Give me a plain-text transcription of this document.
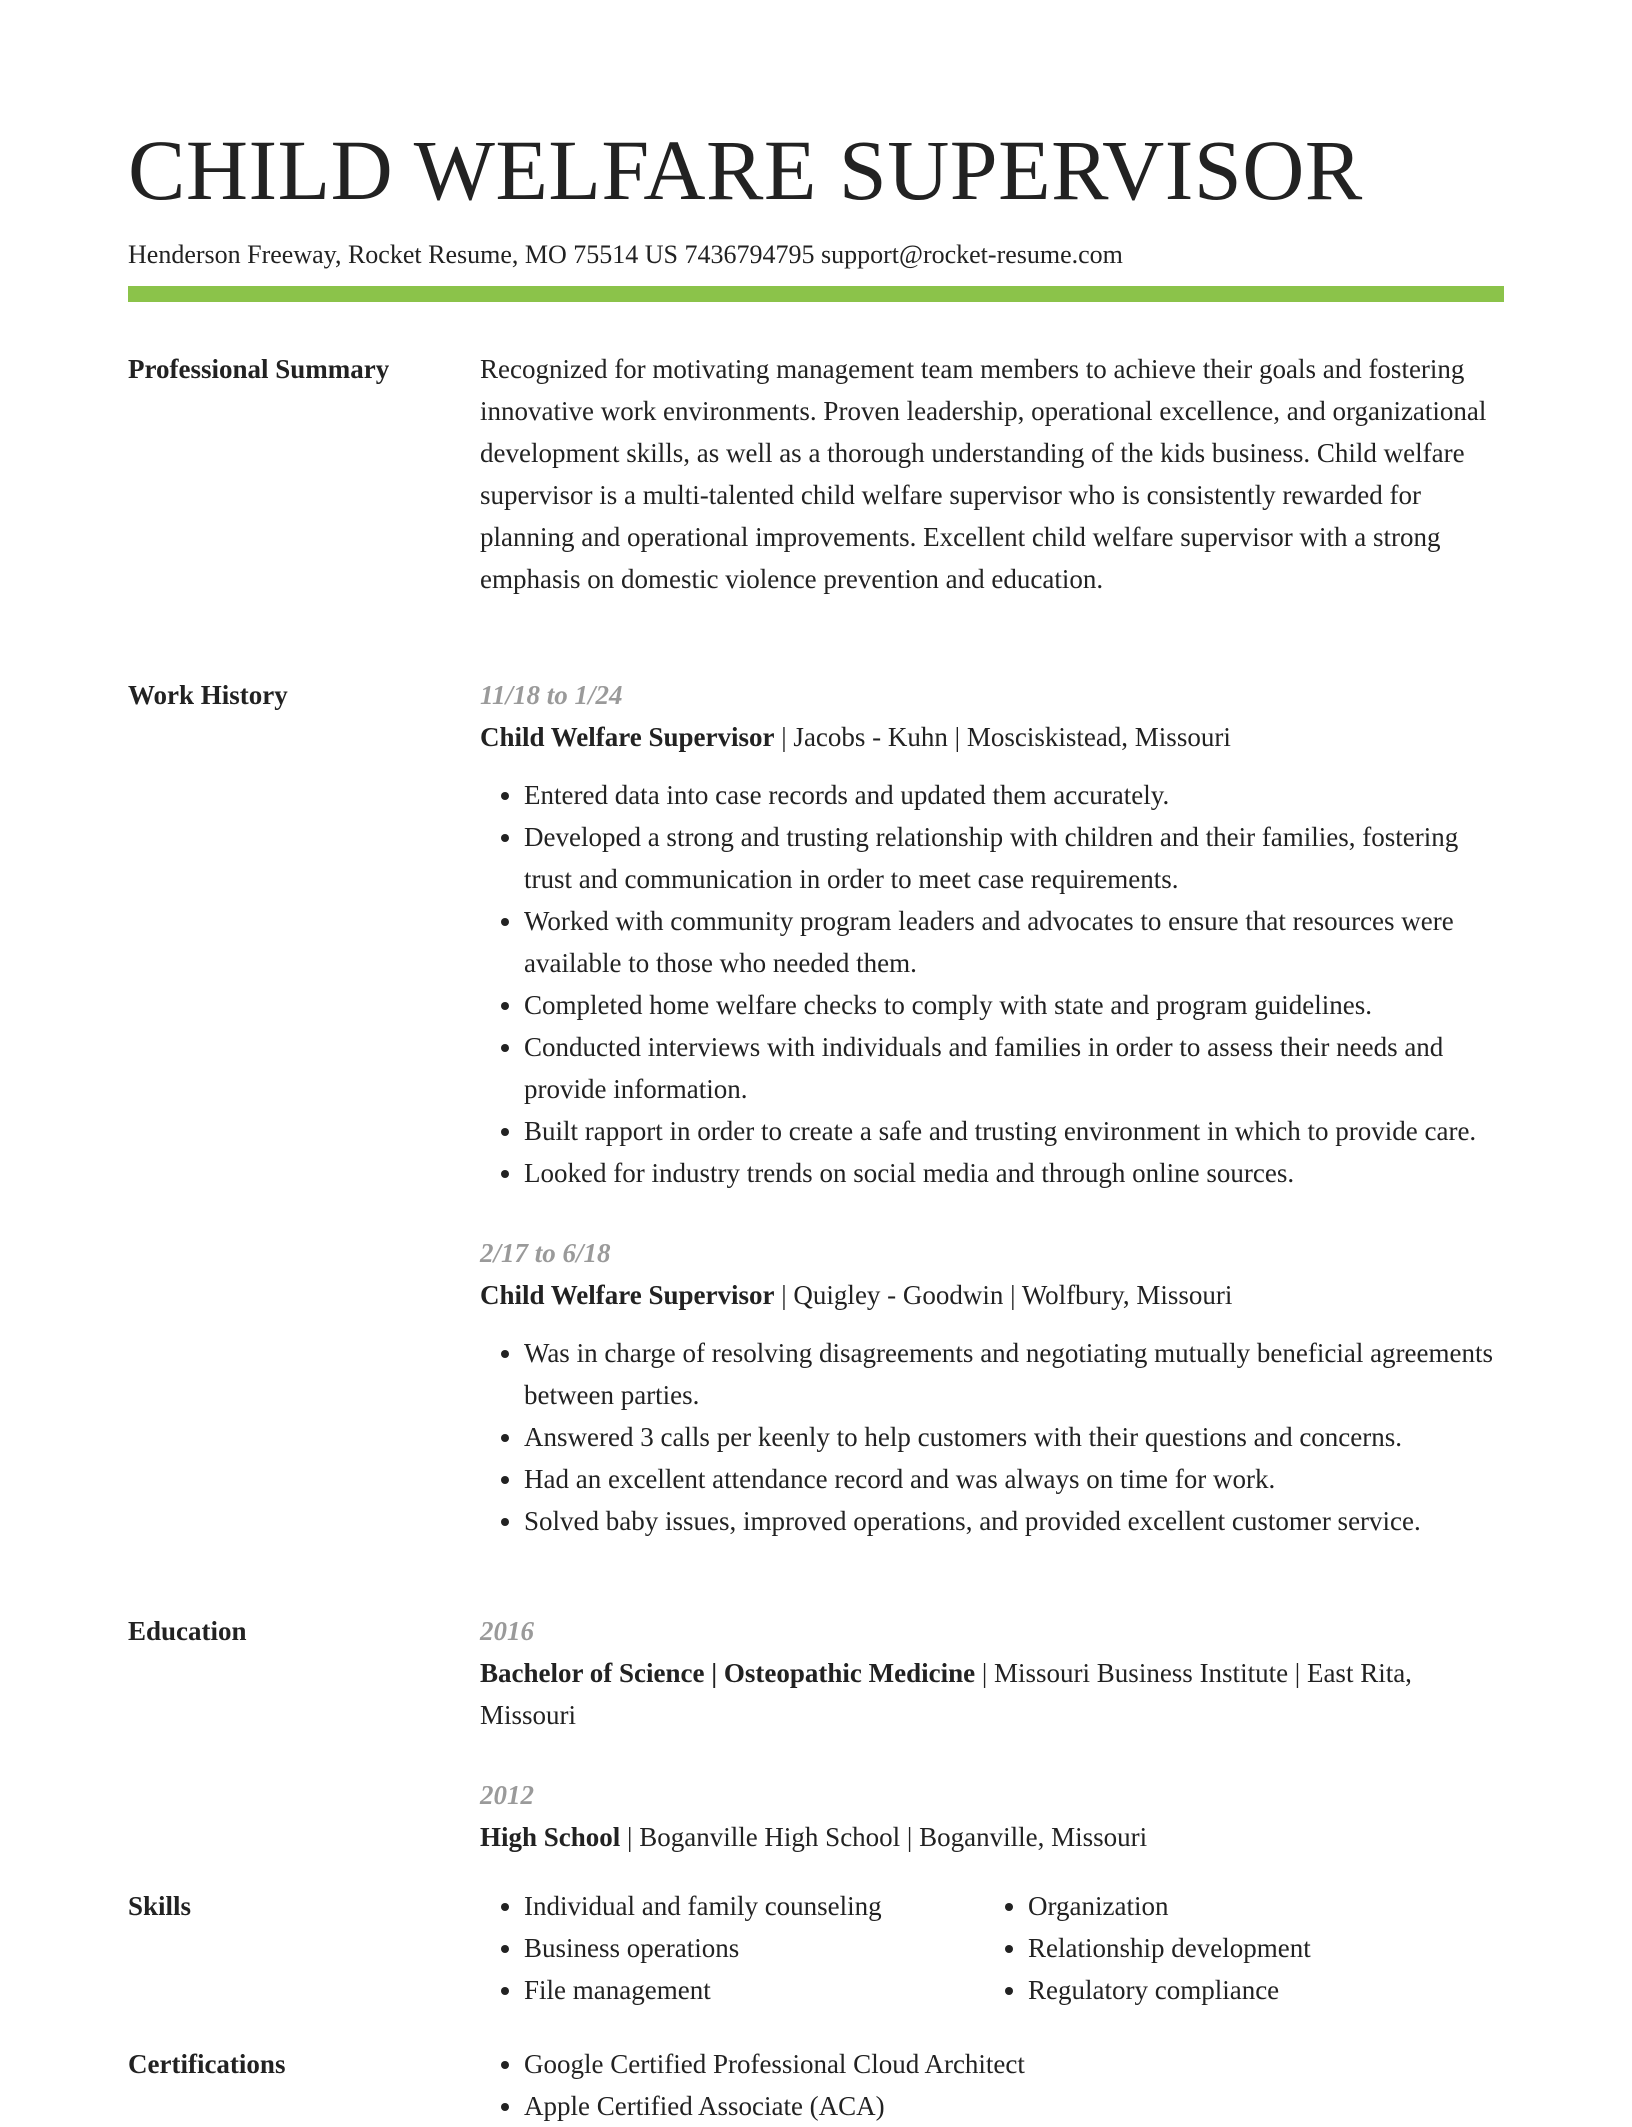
CHILD WELFARE SUPERVISOR
Henderson Freeway, Rocket Resume, MO 75514 US 7436794795 support@rocket-resume.com
Professional Summary	Recognized for motivating management team members to achieve their goals and fostering innovative work environments. Proven leadership, operational excellence, and organizational development skills, as well as a thorough understanding of the kids business. Child welfare supervisor is a multi-talented child welfare supervisor who is consistently rewarded for planning and operational improvements. Excellent child welfare supervisor with a strong emphasis on domestic violence prevention and education.
Work History	11/18 to 1/24
Child Welfare Supervisor | Jacobs - Kuhn | Mosciskistead, Missouri
• Entered data into case records and updated them accurately.
• Developed a strong and trusting relationship with children and their families, fostering trust and communication in order to meet case requirements.
• Worked with community program leaders and advocates to ensure that resources were available to those who needed them.
• Completed home welfare checks to comply with state and program guidelines.
• Conducted interviews with individuals and families in order to assess their needs and provide information.
• Built rapport in order to create a safe and trusting environment in which to provide care.
• Looked for industry trends on social media and through online sources.
2/17 to 6/18
Child Welfare Supervisor | Quigley - Goodwin | Wolfbury, Missouri
• Was in charge of resolving disagreements and negotiating mutually beneficial agreements between parties.
• Answered 3 calls per keenly to help customers with their questions and concerns.
• Had an excellent attendance record and was always on time for work.
• Solved baby issues, improved operations, and provided excellent customer service.
Education	2016
Bachelor of Science | Osteopathic Medicine | Missouri Business Institute | East Rita, Missouri
2012
High School | Boganville High School | Boganville, Missouri
Skills	• Individual and family counseling
• Business operations
• File management
• Organization
• Relationship development
• Regulatory compliance
Certifications	• Google Certified Professional Cloud Architect
• Apple Certified Associate (ACA)
